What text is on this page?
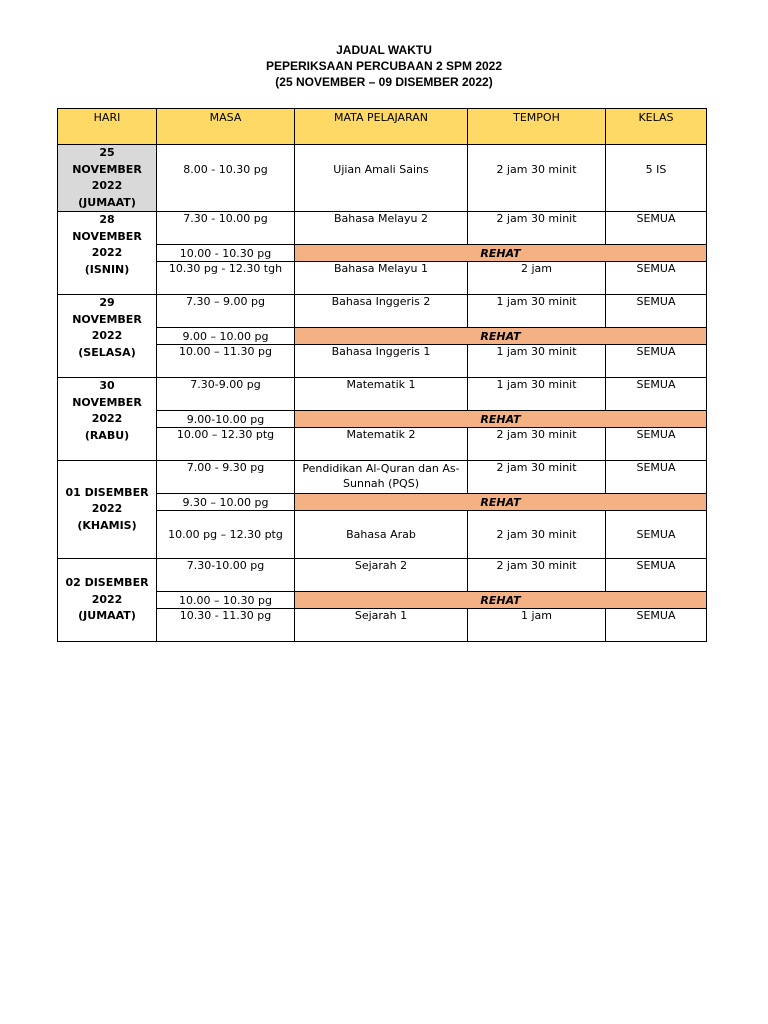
JADUAL WAKTU
PEPERIKSAAN PERCUBAAN 2 SPM 2022
(25 NOVEMBER – 09 DISEMBER 2022)
HARI	MASA	MATA PELAJARAN	TEMPOH	KELAS

25
NOVEMBER
2022
(JUMAAT)	8.00 - 10.30 pg	Ujian Amali Sains	2 jam 30 minit	5 IS

28
NOVEMBER
2022
(ISNIN)	7.30 - 10.00 pg	Bahasa Melayu 2	2 jam 30 minit	SEMUA
	10.00 - 10.30 pg	REHAT		
	10.30 pg - 12.30 tgh	Bahasa Melayu 1	2 jam	SEMUA

29
NOVEMBER
2022
(SELASA)	7.30 – 9.00 pg	Bahasa Inggeris 2	1 jam 30 minit	SEMUA
	9.00 – 10.00 pg	REHAT		
	10.00 – 11.30 pg	Bahasa Inggeris 1	1 jam 30 minit	SEMUA

30
NOVEMBER
2022
(RABU)	7.30-9.00 pg	Matematik 1	1 jam 30 minit	SEMUA
	9.00-10.00 pg	REHAT		
	10.00 – 12.30 ptg	Matematik 2	2 jam 30 minit	SEMUA

01 DISEMBER
2022
(KHAMIS)	7.00 - 9.30 pg	Pendidikan Al-Quran dan As-Sunnah (PQS)	2 jam 30 minit	SEMUA
	9.30 – 10.00 pg	REHAT		
	10.00 pg – 12.30 ptg	Bahasa Arab	2 jam 30 minit	SEMUA

02 DISEMBER
2022
(JUMAAT)	7.30-10.00 pg	Sejarah 2	2 jam 30 minit	SEMUA
	10.00 – 10.30 pg	REHAT		
	10.30 - 11.30 pg	Sejarah 1	1 jam	SEMUA
